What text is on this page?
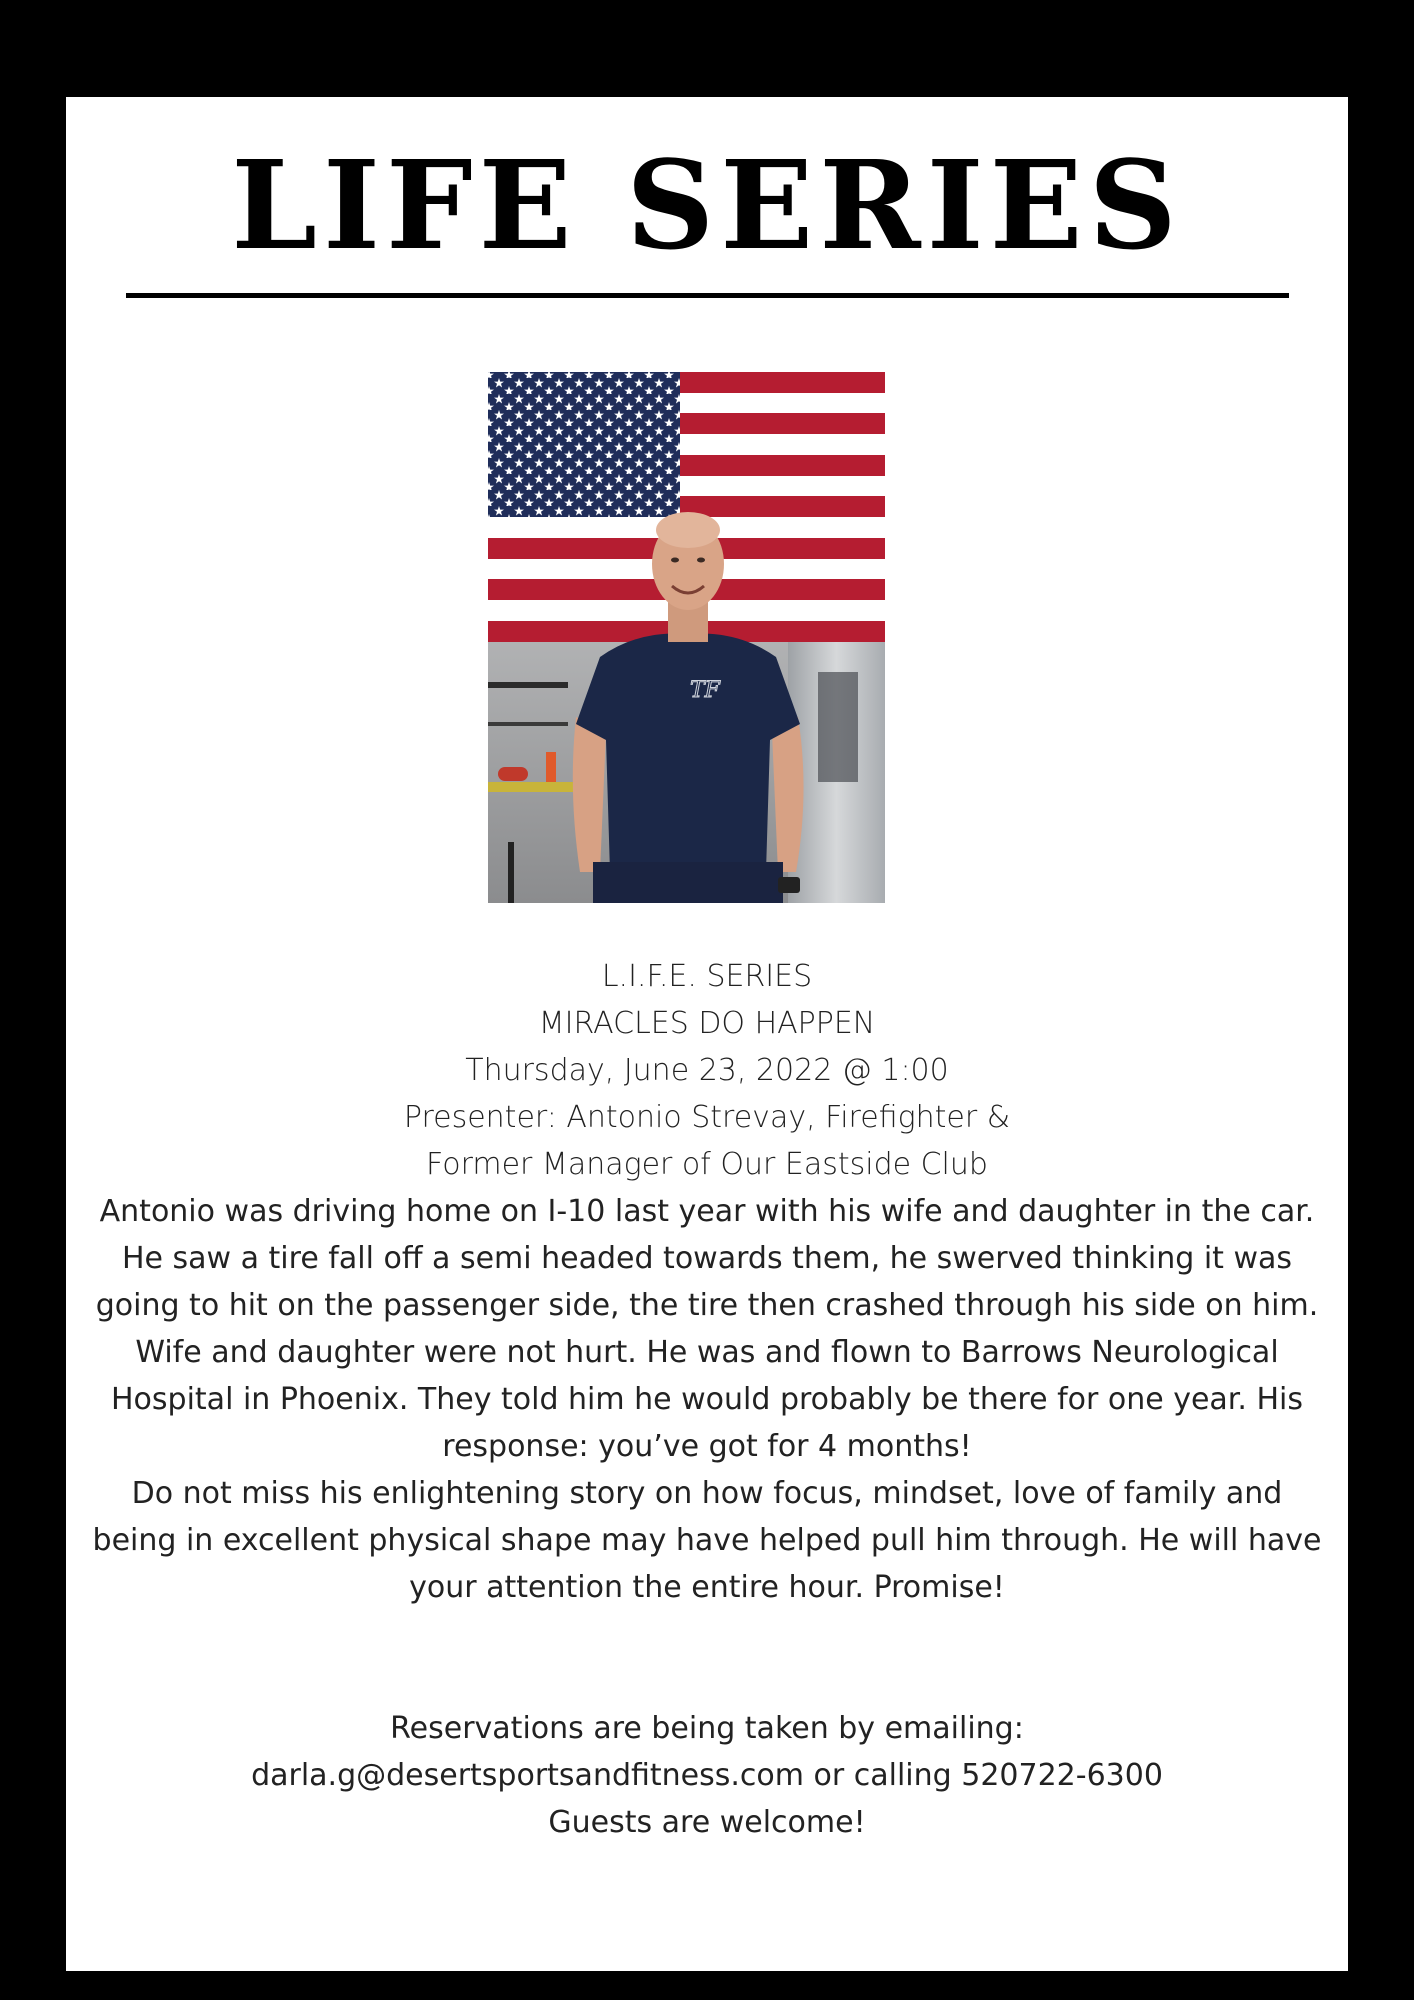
LIFE SERIES
TF

L.I.F.E. SERIES

MIRACLES DO HAPPEN

Thursday, June 23, 2022 @ 1:00

Presenter: Antonio Strevay, Firefighter &

Former Manager of Our Eastside Club

Antonio was driving home on I-10 last year with his wife and daughter in the car. He saw a tire fall off a semi headed towards them, he swerved thinking it was going to hit on the passenger side, the tire then crashed through his side on him. Wife and daughter were not hurt. He was and flown to Barrows Neurological Hospital in Phoenix. They told him he would probably be there for one year. His response: you’ve got for 4 months!

Do not miss his enlightening story on how focus, mindset, love of family and being in excellent physical shape may have helped pull him through. He will have your attention the entire hour. Promise!

Reservations are being taken by emailing:

darla.g@desertsportsandfitness.com or calling 520722-6300

Guests are welcome!
